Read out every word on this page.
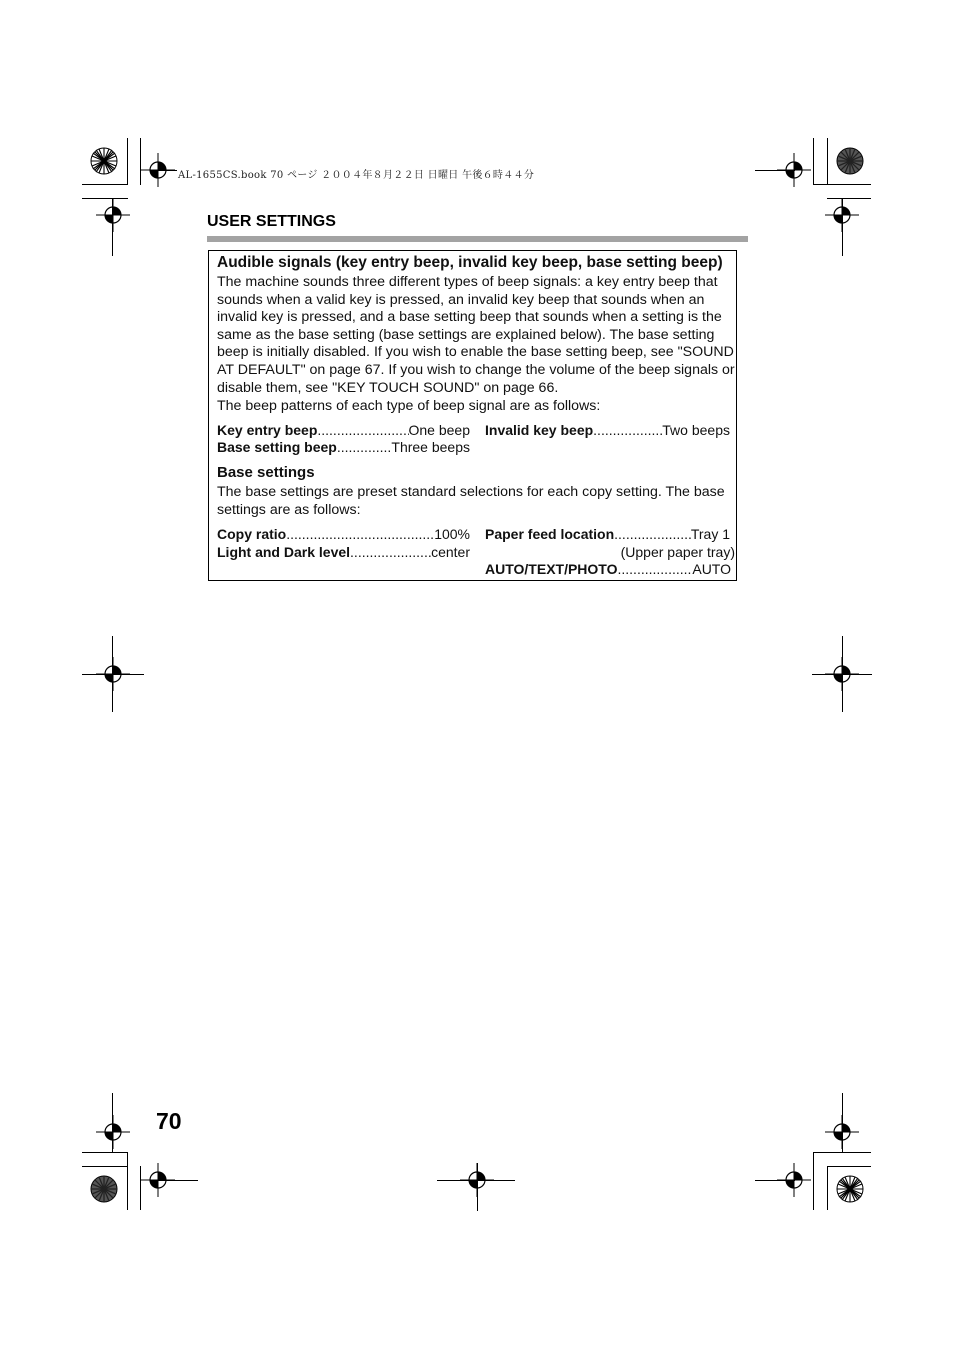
AL-1655CS.book 70 ページ ２００４年８月２２日 日曜日 午後６時４４分
USER SETTINGS
Audible signals (key entry beep, invalid key beep, base setting beep)
The machine sounds three different types of beep signals: a key entry beep that sounds when a valid key is pressed, an invalid key beep that sounds when an invalid key is pressed, and a base setting beep that sounds when a setting is the same as the base setting (base settings are explained below). The base setting beep is initially disabled. If you wish to enable the base setting beep, see "SOUND AT DEFAULT" on page 67. If you wish to change the volume of the beep signals or disable them, see "KEY TOUCH SOUND" on page 66.
The beep patterns of each type of beep signal are as follows:
Key entry beep .....	One beep
Base setting beep .....	Three beeps
Invalid key beep .....	Two beeps
Base settings
The base settings are preset standard selections for each copy setting. The base settings are as follows:
Copy ratio .....	100%
Light and Dark level .....	center
Paper feed location .....	Tray 1
(Upper paper tray)
AUTO/TEXT/PHOTO .....	AUTO
70
